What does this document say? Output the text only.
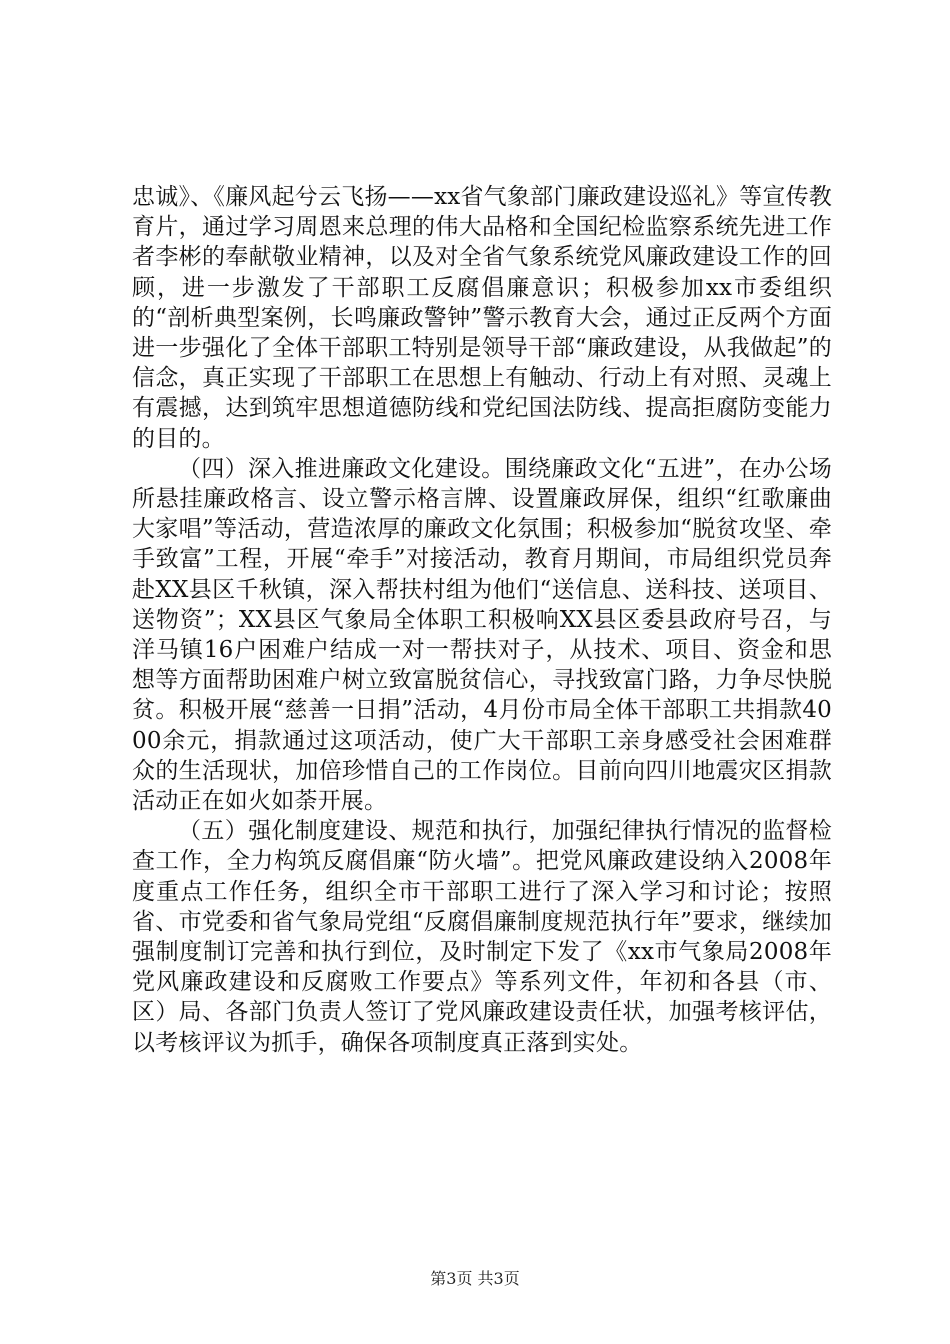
忠诚》、《廉风起兮云飞扬——xx省气象部门廉政建设巡礼》等宣传教育片，通过学习周恩来总理的伟大品格和全国纪检监察系统先进工作者李彬的奉献敬业精神，以及对全省气象系统党风廉政建设工作的回顾，进一步激发了干部职工反腐倡廉意识；积极参加xx市委组织的“剖析典型案例，长鸣廉政警钟”警示教育大会，通过正反两个方面进一步强化了全体干部职工特别是领导干部“廉政建设，从我做起”的信念，真正实现了干部职工在思想上有触动、行动上有对照、灵魂上有震撼，达到筑牢思想道德防线和党纪国法防线、提高拒腐防变能力的目的。

（四）深入推进廉政文化建设。围绕廉政文化“五进”，在办公场所悬挂廉政格言、设立警示格言牌、设置廉政屏保，组织“红歌廉曲大家唱”等活动，营造浓厚的廉政文化氛围；积极参加“脱贫攻坚、牵手致富”工程，开展“牵手”对接活动，教育月期间，市局组织党员奔赴XX县区千秋镇，深入帮扶村组为他们“送信息、送科技、送项目、送物资”；XX县区气象局全体职工积极响XX县区委县政府号召，与洋马镇16户困难户结成一对一帮扶对子，从技术、项目、资金和思想等方面帮助困难户树立致富脱贫信心，寻找致富门路，力争尽快脱贫。积极开展“慈善一日捐”活动，4月份市局全体干部职工共捐款4000余元，捐款通过这项活动，使广大干部职工亲身感受社会困难群众的生活现状，加倍珍惜自己的工作岗位。目前向四川地震灾区捐款活动正在如火如荼开展。

（五）强化制度建设、规范和执行，加强纪律执行情况的监督检查工作，全力构筑反腐倡廉“防火墙”。把党风廉政建设纳入2008年度重点工作任务，组织全市干部职工进行了深入学习和讨论；按照省、市党委和省气象局党组“反腐倡廉制度规范执行年”要求，继续加强制度制订完善和执行到位，及时制定下发了《xx市气象局2008年党风廉政建设和反腐败工作要点》等系列文件，年初和各县（市、区）局、各部门负责人签订了党风廉政建设责任状，加强考核评估，以考核评议为抓手，确保各项制度真正落到实处。

第3页 共3页
